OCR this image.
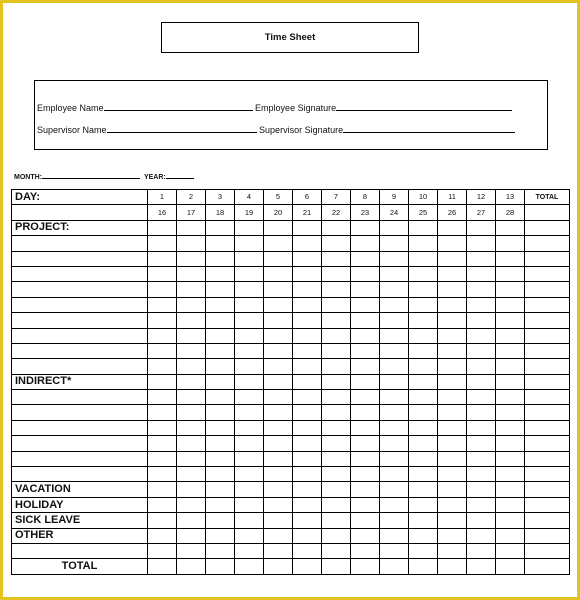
Time Sheet
Employee Name	Employee Signature
Supervisor Name	Supervisor Signature
MONTH:	YEAR:
DAY:	1	2	3	4	5	6	7	8	9	10	11	12	13	TOTAL
	16	17	18	19	20	21	22	23	24	25	26	27	28	
PROJECT:														

INDIRECT*														

VACATION														
HOLIDAY														
SICK LEAVE														
OTHER														

TOTAL														
